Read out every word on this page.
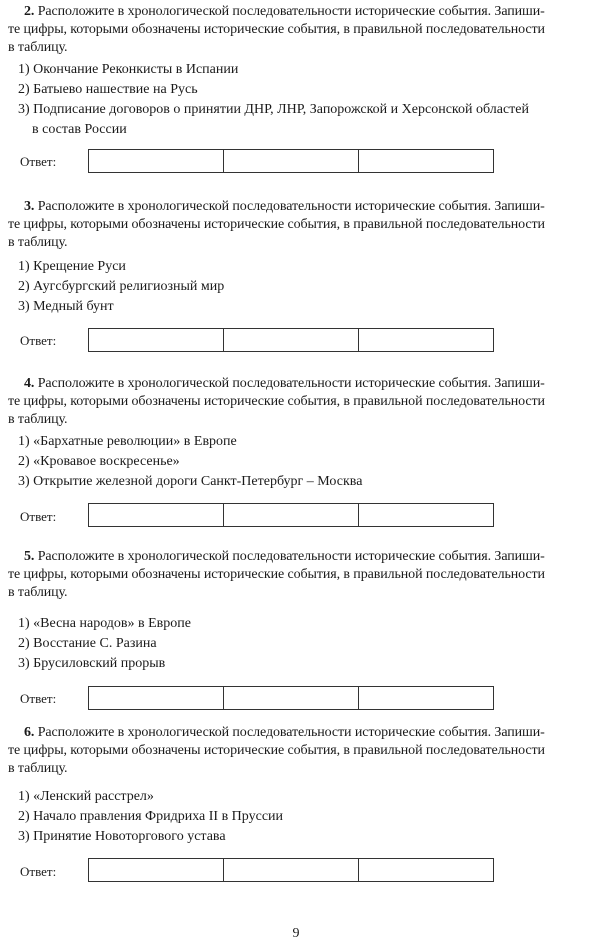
2. Расположите в хронологической последовательности исторические события. Запиши-
те цифры, которыми обозначены исторические события, в правильной последовательности
в таблицу.
1) Окончание Реконкисты в Испании
2) Батыево нашествие на Русь
3) Подписание договоров о принятии ДНР, ЛНР, Запорожской и Херсонской областей
в состав России
Ответ:
3. Расположите в хронологической последовательности исторические события. Запиши-
те цифры, которыми обозначены исторические события, в правильной последовательности
в таблицу.
1) Крещение Руси
2) Аугсбургский религиозный мир
3) Медный бунт
Ответ:
4. Расположите в хронологической последовательности исторические события. Запиши-
те цифры, которыми обозначены исторические события, в правильной последовательности
в таблицу.
1) «Бархатные революции» в Европе
2) «Кровавое воскресенье»
3) Открытие железной дороги Санкт-Петербург – Москва
Ответ:
5. Расположите в хронологической последовательности исторические события. Запиши-
те цифры, которыми обозначены исторические события, в правильной последовательности
в таблицу.
1) «Весна народов» в Европе
2) Восстание С. Разина
3) Брусиловский прорыв
Ответ:
6. Расположите в хронологической последовательности исторические события. Запиши-
те цифры, которыми обозначены исторические события, в правильной последовательности
в таблицу.
1) «Ленский расстрел»
2) Начало правления Фридриха II в Пруссии
3) Принятие Новоторгового устава
Ответ:
9
